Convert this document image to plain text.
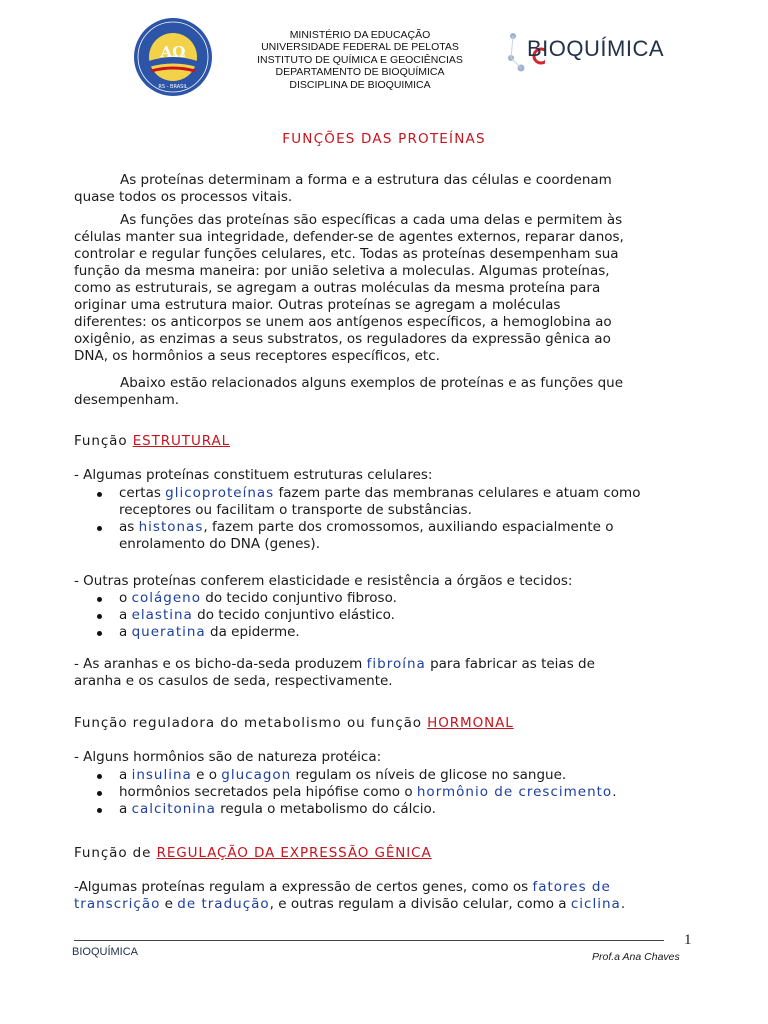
AΩ
RS - BRASIL
MINISTÉRIO DA EDUCAÇÃO
UNIVERSIDADE FEDERAL DE PELOTAS
INSTITUTO DE QUÍMICA E GEOCIÊNCIAS
DEPARTAMENTO DE BIOQUÍMICA
DISCIPLINA DE BIOQUIMICA
BIOQUÍMICA
FUNÇÕES DAS PROTEÍNAS
As proteínas determinam a forma e a estrutura das células e coordenam
quase todos os processos vitais.
As funções das proteínas são específicas a cada uma delas e permitem às
células manter sua integridade, defender-se de agentes externos, reparar danos,
controlar e regular funções celulares, etc. Todas as proteínas desempenham sua
função da mesma maneira: por união seletiva a moleculas. Algumas proteínas,
como as estruturais, se agregam a outras moléculas da mesma proteína para
originar uma estrutura maior. Outras proteínas se agregam a moléculas
diferentes: os anticorpos se unem aos antígenos específicos, a hemoglobina ao
oxigênio, as enzimas a seus substratos, os reguladores da expressão gênica ao
DNA, os hormônios a seus receptores específicos, etc.
Abaixo estão relacionados alguns exemplos de proteínas e as funções que
desempenham.
Função ESTRUTURAL
- Algumas proteínas constituem estruturas celulares:
certas glicoproteínas fazem parte das membranas celulares e atuam como
receptores ou facilitam o transporte de substâncias.
as histonas, fazem parte dos cromossomos, auxiliando espacialmente o
enrolamento do DNA (genes).
- Outras proteínas conferem elasticidade e resistência a órgãos e tecidos:
o colágeno do tecido conjuntivo fibroso.
a elastina do tecido conjuntivo elástico.
a queratina da epiderme.
- As aranhas e os bicho-da-seda produzem fibroína para fabricar as teias de
aranha e os casulos de seda, respectivamente.
Função reguladora do metabolismo ou função HORMONAL
- Alguns hormônios são de natureza protéica:
a insulina e o glucagon regulam os níveis de glicose no sangue.
hormônios secretados pela hipófise como o hormônio de crescimento.
a calcitonina regula o metabolismo do cálcio.
Função de REGULAÇÃO DA EXPRESSÃO GÊNICA
-Algumas proteínas regulam a expressão de certos genes, como os fatores de
transcrição e de tradução, e outras regulam a divisão celular, como a ciclina.
1
BIOQUÍMICA	Prof.a Ana Chaves
